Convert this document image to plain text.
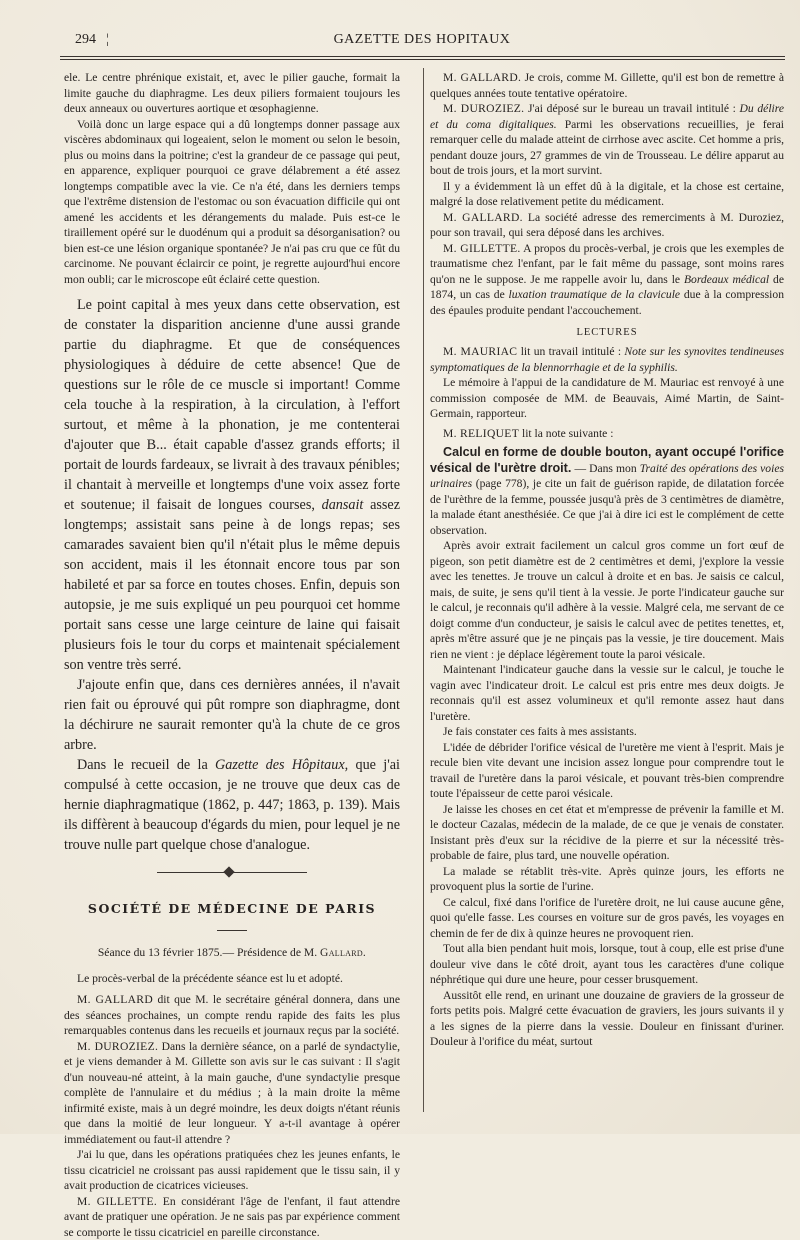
294 ¦	GAZETTE DES HOPITAUX

ele. Le centre phrénique existait, et, avec le pilier gauche, formait la limite gauche du diaphragme. Les deux piliers formaient toujours les deux anneaux ou ouvertures aortique et œsophagienne.

Voilà donc un large espace qui a dû longtemps donner passage aux viscères abdominaux qui logeaient, selon le moment ou selon le besoin, plus ou moins dans la poitrine; c'est la grandeur de ce passage qui peut, en apparence, expliquer pourquoi ce grave délabrement a été assez longtemps compatible avec la vie. Ce n'a été, dans les derniers temps que l'extrême distension de l'estomac ou son évacuation difficile qui ont amené les accidents et les dérangements du malade. Puis est-ce le tiraillement opéré sur le duodénum qui a produit sa désorganisation? ou bien est-ce une lésion organique spontanée? Je n'ai pas cru que ce fût du carcinome. Ne pouvant éclaircir ce point, je regrette aujourd'hui encore mon oubli; car le microscope eût éclairé cette question.

Le point capital à mes yeux dans cette observation, est de constater la disparition ancienne d'une aussi grande partie du diaphragme. Et que de conséquences physiologiques à déduire de cette absence! Que de questions sur le rôle de ce muscle si important! Comme cela touche à la respiration, à la circulation, à l'effort surtout, et même à la phonation, je me contenterai d'ajouter que B... était capable d'assez grands efforts; il portait de lourds fardeaux, se livrait à des travaux pénibles; il chantait à merveille et longtemps d'une voix assez forte et soutenue; il faisait de longues courses, dansait assez longtemps; assistait sans peine à de longs repas; ses camarades savaient bien qu'il n'était plus le même depuis son accident, mais il les étonnait encore tous par son habileté et par sa force en toutes choses. Enfin, depuis son autopsie, je me suis expliqué un peu pourquoi cet homme portait sans cesse une large ceinture de laine qui faisait plusieurs fois le tour du corps et maintenait spécialement son ventre très serré.

J'ajoute enfin que, dans ces dernières années, il n'avait rien fait ou éprouvé qui pût rompre son diaphragme, dont la déchirure ne saurait remonter qu'à la chute de ce gros arbre.

Dans le recueil de la Gazette des Hôpitaux, que j'ai compulsé à cette occasion, je ne trouve que deux cas de hernie diaphragmatique (1862, p. 447; 1863, p. 139). Mais ils diffèrent à beaucoup d'égards du mien, pour lequel je ne trouve nulle part quelque chose d'analogue.

SOCIÉTÉ DE MÉDECINE DE PARIS

Séance du 13 février 1875.— Présidence de M. Gallard.

Le procès-verbal de la précédente séance est lu et adopté.

M. GALLARD dit que M. le secrétaire général donnera, dans une des séances prochaines, un compte rendu rapide des faits les plus remarquables contenus dans les recueils et journaux reçus par la société.

M. DUROZIEZ. Dans la dernière séance, on a parlé de syndactylie, et je viens demander à M. Gillette son avis sur le cas suivant : Il s'agit d'un nouveau-né atteint, à la main gauche, d'une syndactylie presque complète de l'annulaire et du médius ; à la main droite la même infirmité existe, mais à un degré moindre, les deux doigts n'étant réunis que dans la moitié de leur longueur. Y a-t-il avantage à opérer immédiatement ou faut-il attendre ?

J'ai lu que, dans les opérations pratiquées chez les jeunes enfants, le tissu cicatriciel ne croissant pas aussi rapidement que le tissu sain, il y avait production de cicatrices vicieuses.

M. GILLETTE. En considérant l'âge de l'enfant, il faut attendre avant de pratiquer une opération. Je ne sais pas par expérience comment se comporte le tissu cicatriciel en pareille circonstance.

M. GALLARD. Je crois, comme M. Gillette, qu'il est bon de remettre à quelques années toute tentative opératoire.

M. DUROZIEZ. J'ai déposé sur le bureau un travail intitulé : Du délire et du coma digitaliques. Parmi les observations recueillies, je ferai remarquer celle du malade atteint de cirrhose avec ascite. Cet homme a pris, pendant douze jours, 27 grammes de vin de Trousseau. Le délire apparut au bout de trois jours, et la mort survint.

Il y a évidemment là un effet dû à la digitale, et la chose est certaine, malgré la dose relativement petite du médicament.

M. GALLARD. La société adresse des remerciments à M. Duroziez, pour son travail, qui sera déposé dans les archives.

M. GILLETTE. A propos du procès-verbal, je crois que les exemples de traumatisme chez l'enfant, par le fait même du passage, sont moins rares qu'on ne le suppose. Je me rappelle avoir lu, dans le Bordeaux médical de 1874, un cas de luxation traumatique de la clavicule due à la compression des épaules produite pendant l'accouchement.

LECTURES

M. MAURIAC lit un travail intitulé : Note sur les synovites tendineuses symptomatiques de la blennorrhagie et de la syphilis.

Le mémoire à l'appui de la candidature de M. Mauriac est renvoyé à une commission composée de MM. de Beauvais, Aimé Martin, de Saint-Germain, rapporteur.

M. RELIQUET lit la note suivante :

Calcul en forme de double bouton, ayant occupé l'orifice vésical de l'urètre droit. — Dans mon Traité des opérations des voies urinaires (page 778), je cite un fait de guérison rapide, de dilatation forcée de l'urèthre de la femme, poussée jusqu'à près de 3 centimètres de diamètre, la malade étant anesthésiée. Ce que j'ai à dire ici est le complément de cette observation.

Après avoir extrait facilement un calcul gros comme un fort œuf de pigeon, son petit diamètre est de 2 centimètres et demi, j'explore la vessie avec les tenettes. Je trouve un calcul à droite et en bas. Je saisis ce calcul, mais, de suite, je sens qu'il tient à la vessie. Je porte l'indicateur gauche sur le calcul, je reconnais qu'il adhère à la vessie. Malgré cela, me servant de ce doigt comme d'un conducteur, je saisis le calcul avec de petites tenettes, et, après m'être assuré que je ne pinçais pas la vessie, je tire doucement. Mais rien ne vient : je déplace légèrement toute la paroi vésicale.

Maintenant l'indicateur gauche dans la vessie sur le calcul, je touche le vagin avec l'indicateur droit. Le calcul est pris entre mes deux doigts. Je reconnais qu'il est assez volumineux et qu'il remonte assez haut dans l'uretère.

Je fais constater ces faits à mes assistants.

L'idée de débrider l'orifice vésical de l'uretère me vient à l'esprit. Mais je recule bien vite devant une incision assez longue pour comprendre tout le travail de l'uretère dans la paroi vésicale, et pouvant très-bien comprendre toute l'épaisseur de cette paroi vésicale.

Je laisse les choses en cet état et m'empresse de prévenir la famille et M. le docteur Cazalas, médecin de la malade, de ce que je venais de constater. Insistant près d'eux sur la récidive de la pierre et sur la nécessité très-probable de faire, plus tard, une nouvelle opération.

La malade se rétablit très-vite. Après quinze jours, les efforts ne provoquent plus la sortie de l'urine.

Ce calcul, fixé dans l'orifice de l'uretère droit, ne lui cause aucune gêne, quoi qu'elle fasse. Les courses en voiture sur de gros pavés, les voyages en chemin de fer de dix à quinze heures ne provoquent rien.

Tout alla bien pendant huit mois, lorsque, tout à coup, elle est prise d'une douleur vive dans le côté droit, ayant tous les caractères d'une colique néphrétique qui dure une heure, pour cesser brusquement.

Aussitôt elle rend, en urinant une douzaine de graviers de la grosseur de forts petits pois. Malgré cette évacuation de graviers, les jours suivants il y a les signes de la pierre dans la vessie. Douleur en finissant d'uriner. Douleur à l'orifice du méat, surtout
